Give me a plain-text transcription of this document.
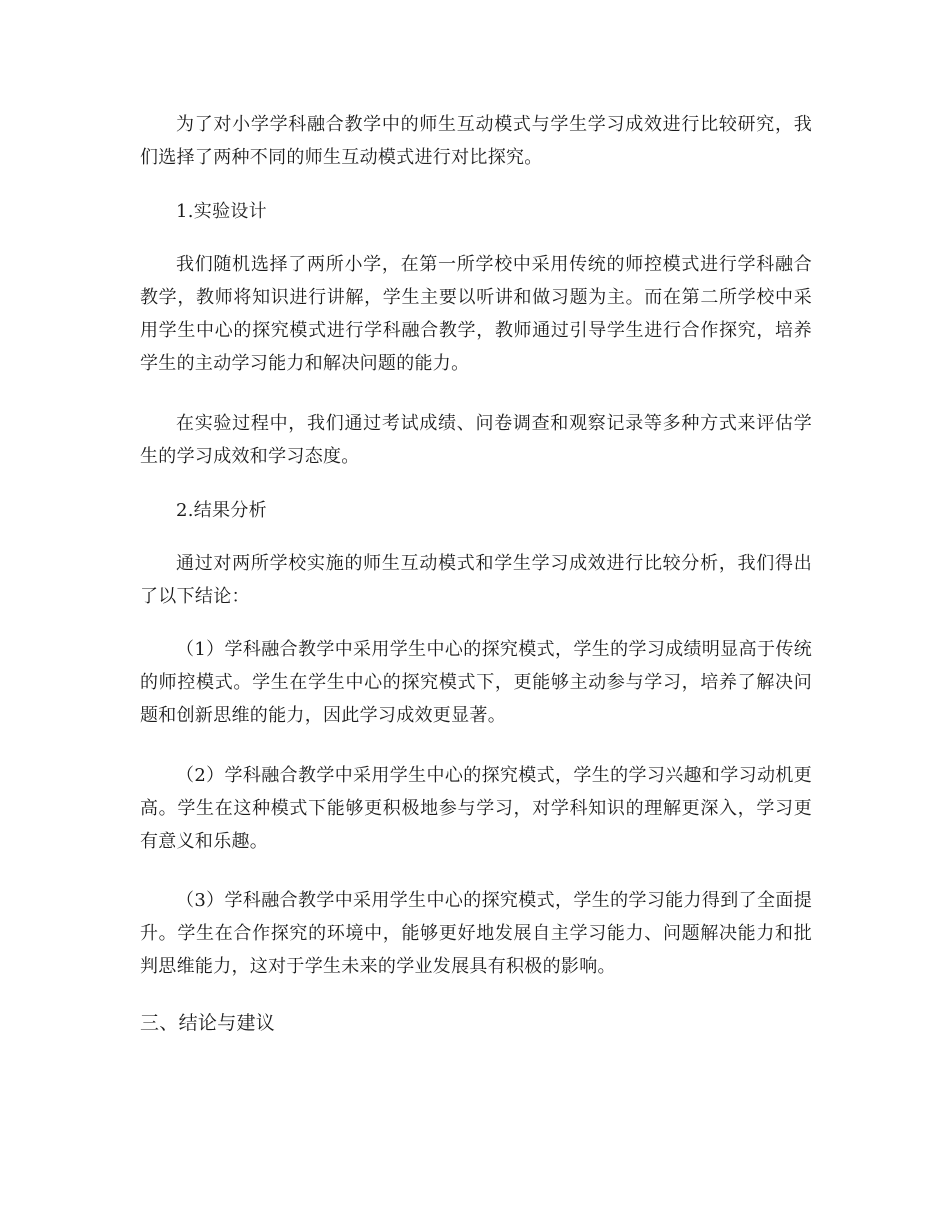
为了对小学学科融合教学中的师生互动模式与学生学习成效进行比较研究，我们选择了两种不同的师生互动模式进行对比探究。

1.实验设计

我们随机选择了两所小学，在第一所学校中采用传统的师控模式进行学科融合教学，教师将知识进行讲解，学生主要以听讲和做习题为主。而在第二所学校中采用学生中心的探究模式进行学科融合教学，教师通过引导学生进行合作探究，培养学生的主动学习能力和解决问题的能力。

在实验过程中，我们通过考试成绩、问卷调查和观察记录等多种方式来评估学生的学习成效和学习态度。

2.结果分析

通过对两所学校实施的师生互动模式和学生学习成效进行比较分析，我们得出了以下结论：

（1）学科融合教学中采用学生中心的探究模式，学生的学习成绩明显高于传统的师控模式。学生在学生中心的探究模式下，更能够主动参与学习，培养了解决问题和创新思维的能力，因此学习成效更显著。

（2）学科融合教学中采用学生中心的探究模式，学生的学习兴趣和学习动机更高。学生在这种模式下能够更积极地参与学习，对学科知识的理解更深入，学习更有意义和乐趣。

（3）学科融合教学中采用学生中心的探究模式，学生的学习能力得到了全面提升。学生在合作探究的环境中，能够更好地发展自主学习能力、问题解决能力和批判思维能力，这对于学生未来的学业发展具有积极的影响。

三、结论与建议
